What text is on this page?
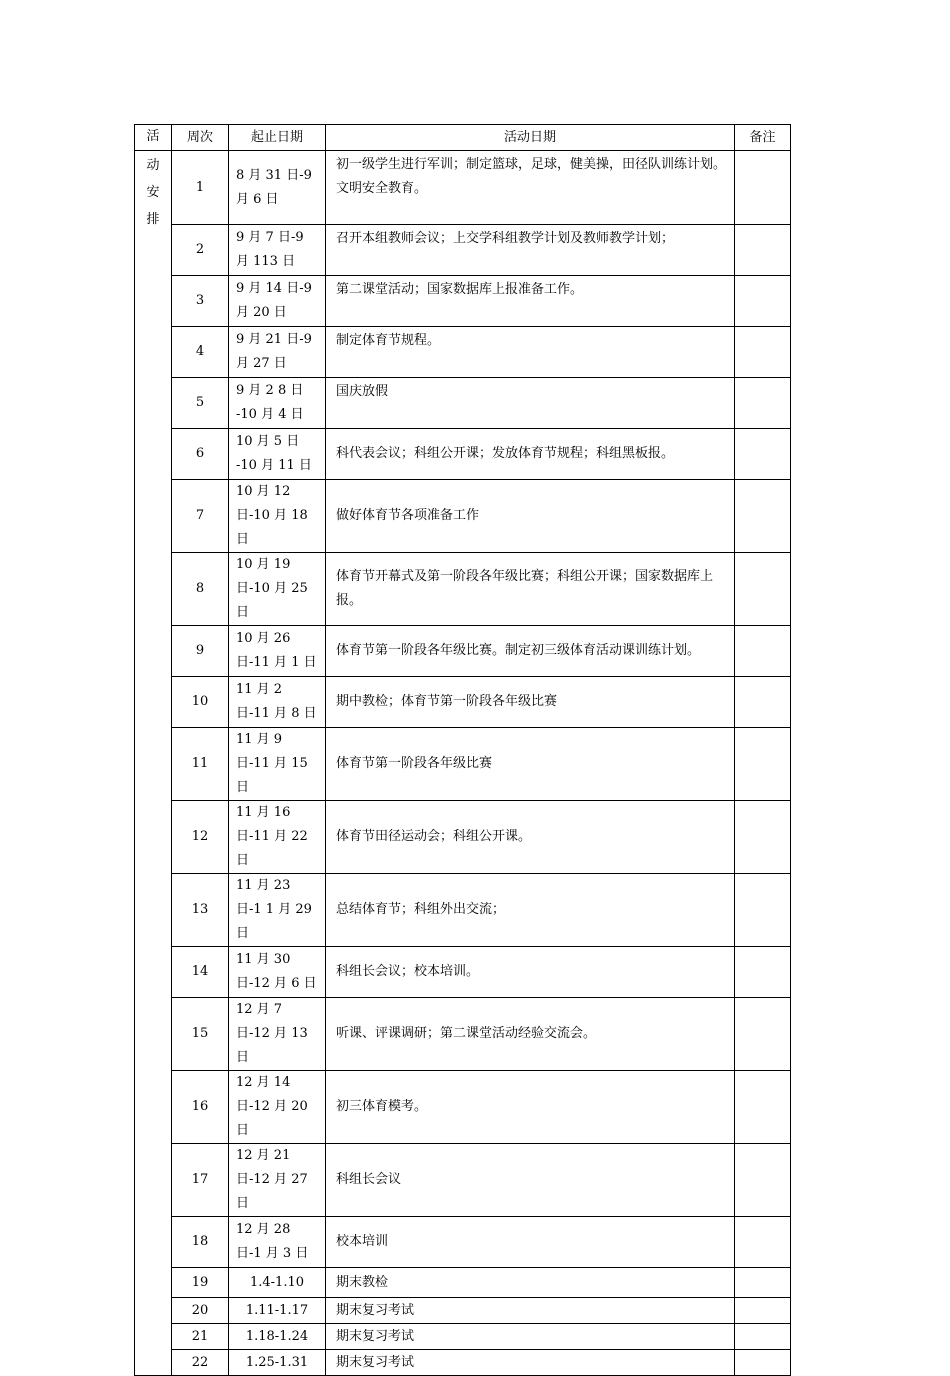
活	周次	起止日期	活动日期	备注

动
安
排	1	8 月 31 日-9 月 6 日	初一级学生进行军训；制定篮球，足球，健美操，田径队训练计划。文明安全教育。	
	2	9 月 7 日-9 月 113 日	召开本组教师会议；上交学科组教学计划及教师教学计划；	
	3	9 月 14 日-9 月 20 日	第二课堂活动；国家数据库上报准备工作。	
	4	9 月 21 日-9 月 27 日	制定体育节规程。	
	5	9 月 2 8 日 -10 月 4 日	国庆放假	
	6	10 月 5 日 -10 月 11 日	科代表会议；科组公开课；发放体育节规程；科组黑板报。	
	7	10 月 12 日-10 月 18 日	做好体育节各项准备工作	
	8	10 月 19 日-10 月 25 日	体育节开幕式及第一阶段各年级比赛；科组公开课；国家数据库上报。	
	9	10 月 26 日-11 月 1 日	体育节第一阶段各年级比赛。制定初三级体育活动课训练计划。	
	10	11 月 2 日-11 月 8 日	期中教检；体育节第一阶段各年级比赛	
	11	11 月 9 日-11 月 15 日	体育节第一阶段各年级比赛	
	12	11 月 16 日-11 月 22 日	体育节田径运动会；科组公开课。	
	13	11 月 23 日-1 1 月 29 日	总结体育节；科组外出交流；	
	14	11 月 30 日-12 月 6 日	科组长会议；校本培训。	
	15	12 月 7 日-12 月 13 日	听课、评课调研；第二课堂活动经验交流会。	
	16	12 月 14 日-12 月 20 日	初三体育模考。	
	17	12 月 21 日-12 月 27 日	科组长会议	
	18	12 月 28 日-1 月 3 日	校本培训	
	19	1.4-1.10	期末教检	
	20	1.11-1.17	期末复习考试	
	21	1.18-1.24	期末复习考试	
	22	1.25-1.31	期末复习考试	
